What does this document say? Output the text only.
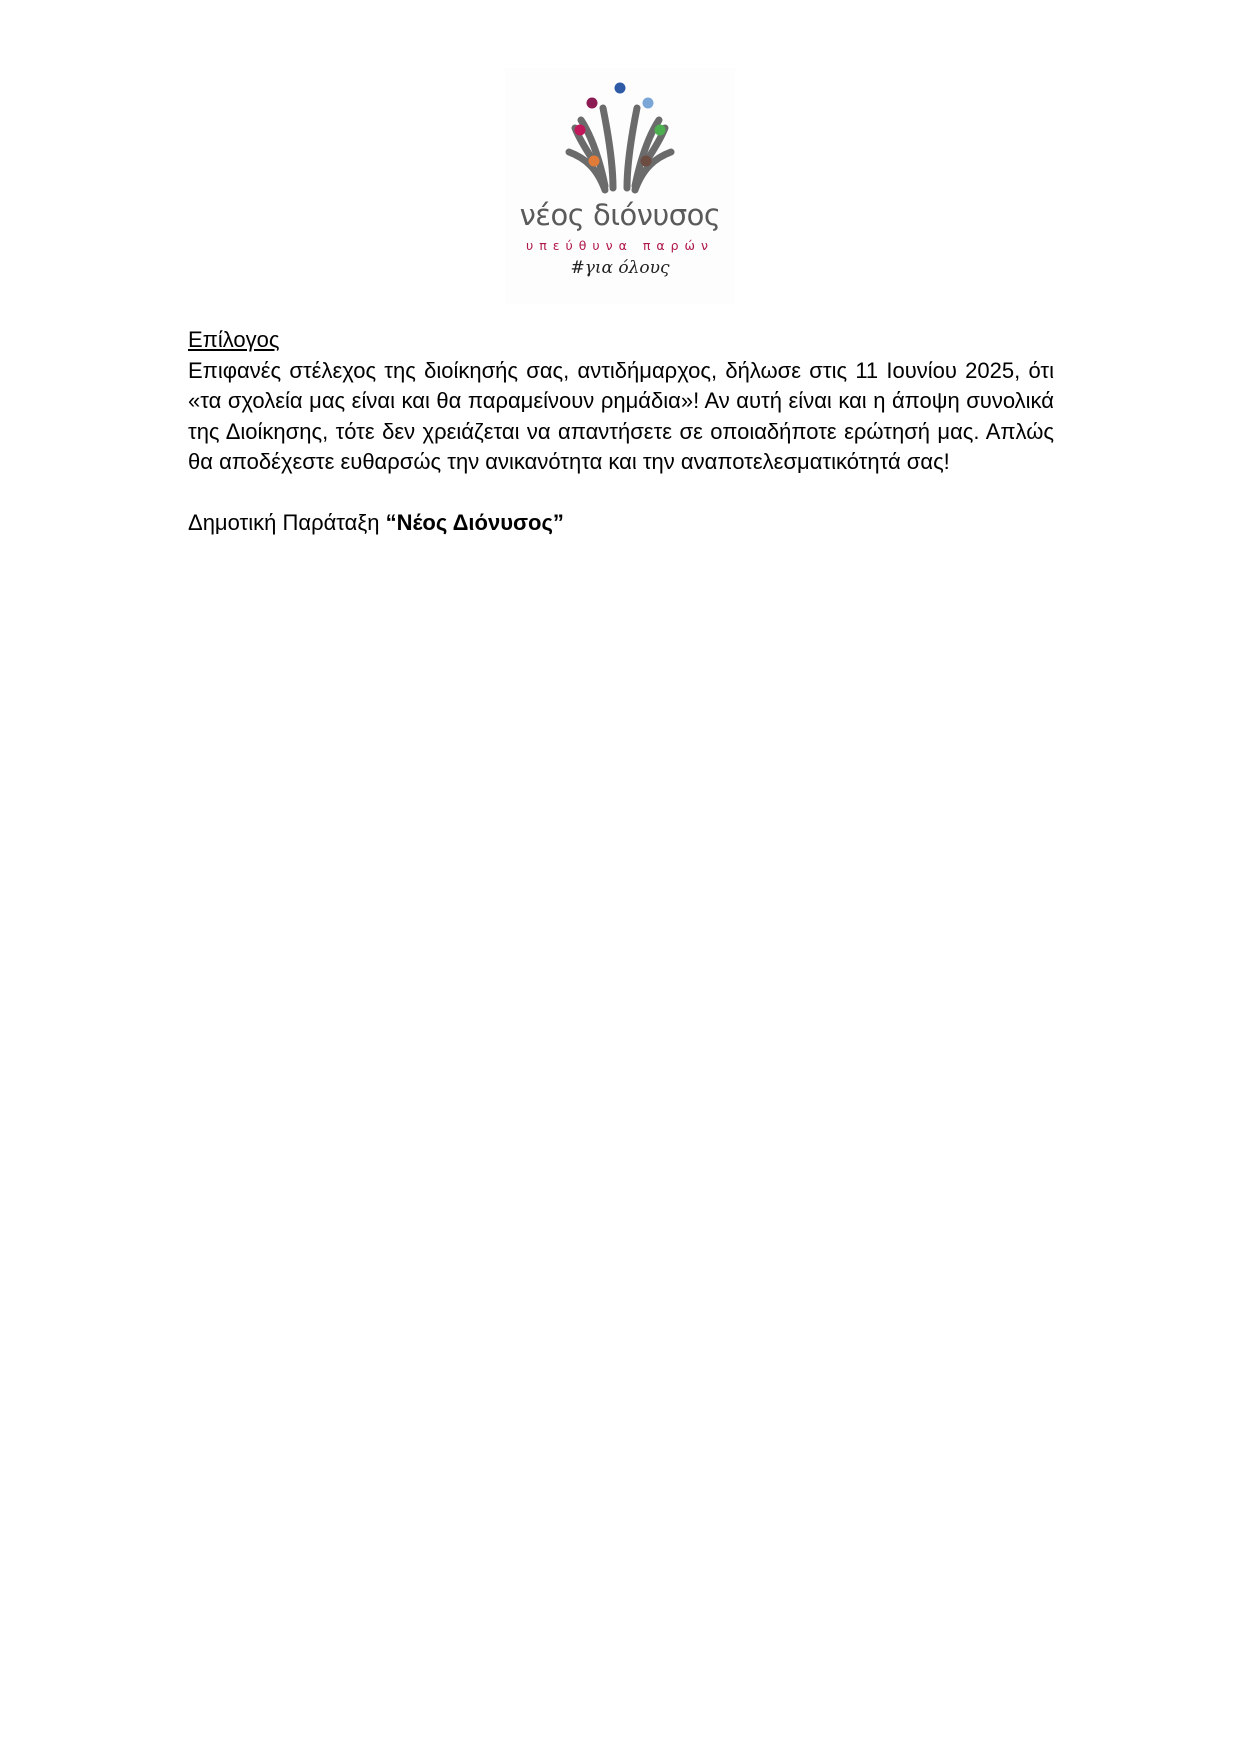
νέος διόνυσος
υπεύθυνα παρών
#για όλους

Επίλογος

Επιφανές στέλεχος της διοίκησής σας, αντιδήμαρχος, δήλωσε στις 11 Ιουνίου 2025, ότι «τα σχολεία μας είναι και θα παραμείνουν ρημάδια»! Αν αυτή είναι και η άποψη συνολικά της Διοίκησης, τότε δεν χρειάζεται να απαντήσετε σε οποιαδήποτε ερώτησή μας. Απλώς θα αποδέχεστε ευθαρσώς την ανικανότητα και την αναποτελεσματικότητά σας!

Δημοτική Παράταξη “Νέος Διόνυσος”
